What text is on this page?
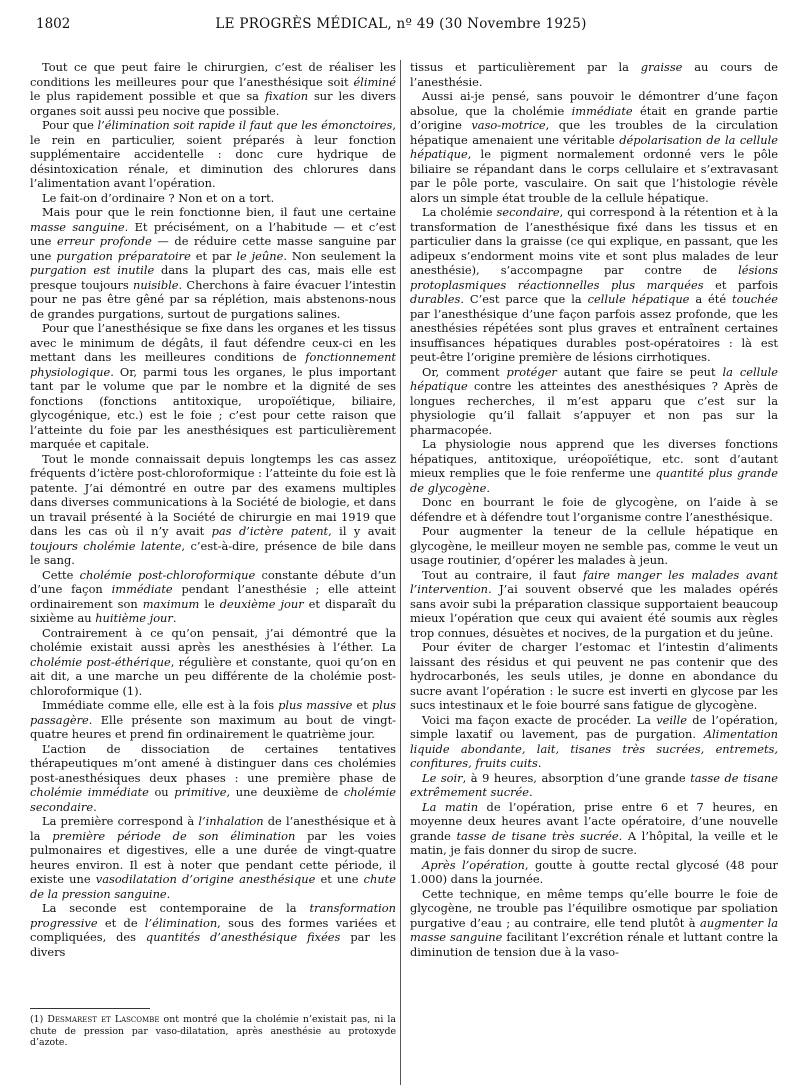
1802	LE PROGRÈS MÉDICAL, nº 49 (30 Novembre 1925)

Tout ce que peut faire le chirurgien, c’est de réaliser les conditions les meilleures pour que l’anesthésique soit éliminé le plus rapidement possible et que sa fixation sur les divers organes soit aussi peu nocive que possible.

Pour que l’élimination soit rapide il faut que les émonctoires, le rein en particulier, soient préparés à leur fonction supplémentaire accidentelle : donc cure hydrique de désintoxication rénale, et diminution des chlorures dans l’alimentation avant l’opération.

Le fait-on d’ordinaire ? Non et on a tort.

Mais pour que le rein fonctionne bien, il faut une certaine masse sanguine. Et précisément, on a l’habitude — et c’est une erreur profonde — de réduire cette masse sanguine par une purgation préparatoire et par le jeûne. Non seulement la purgation est inutile dans la plupart des cas, mais elle est presque toujours nuisible. Cherchons à faire évacuer l’intestin pour ne pas être gêné par sa réplétion, mais abstenons-nous de grandes purgations, surtout de purgations salines.

Pour que l’anesthésique se fixe dans les organes et les tissus avec le minimum de dégâts, il faut défendre ceux-ci en les mettant dans les meilleures conditions de fonctionnement physiologique. Or, parmi tous les organes, le plus important tant par le volume que par le nombre et la dignité de ses fonctions (fonctions antitoxique, uropoïétique, biliaire, glycogénique, etc.) est le foie ; c’est pour cette raison que l’atteinte du foie par les anesthésiques est particulièrement marquée et capitale.

Tout le monde connaissait depuis longtemps les cas assez fréquents d’ictère post-chloroformique : l’atteinte du foie est là patente. J’ai démontré en outre par des examens multiples dans diverses communications à la Société de biologie, et dans un travail présenté à la Société de chirurgie en mai 1919 que dans les cas où il n’y avait pas d’ictère patent, il y avait toujours cholémie latente, c’est-à-dire, présence de bile dans le sang.

Cette cholémie post-chloroformique constante débute d’un d’une façon immédiate pendant l’anesthésie ; elle atteint ordinairement son maximum le deuxième jour et disparaît du sixième au huitième jour.

Contrairement à ce qu’on pensait, j’ai démontré que la cholémie existait aussi après les anesthésies à l’éther. La cholémie post-éthérique, régulière et constante, quoi qu’on en ait dit, a une marche un peu différente de la cholémie post-chloroformique (1).

Immédiate comme elle, elle est à la fois plus massive et plus passagère. Elle présente son maximum au bout de vingt-quatre heures et prend fin ordinairement le quatrième jour.

L’action de dissociation de certaines tentatives thérapeutiques m’ont amené à distinguer dans ces cholémies post-anesthésiques deux phases : une première phase de cholémie immédiate ou primitive, une deuxième de cholémie secondaire.

La première correspond à l’inhalation de l’anesthésique et à la première période de son élimination par les voies pulmonaires et digestives, elle a une durée de vingt-quatre heures environ. Il est à noter que pendant cette période, il existe une vasodilatation d’origine anesthésique et une chute de la pression sanguine.

La seconde est contemporaine de la transformation progressive et de l’élimination, sous des formes variées et compliquées, des quantités d’anesthésique fixées par les divers

tissus et particulièrement par la graisse au cours de l’anesthésie.

Aussi ai-je pensé, sans pouvoir le démontrer d’une façon absolue, que la cholémie immédiate était en grande partie d’origine vaso-motrice, que les troubles de la circulation hépatique amenaient une véritable dépolarisation de la cellule hépatique, le pigment normalement ordonné vers le pôle biliaire se répandant dans le corps cellulaire et s’extravasant par le pôle porte, vasculaire. On sait que l’histologie révèle alors un simple état trouble de la cellule hépatique.

La cholémie secondaire, qui correspond à la rétention et à la transformation de l’anesthésique fixé dans les tissus et en particulier dans la graisse (ce qui explique, en passant, que les adipeux s’endorment moins vite et sont plus malades de leur anesthésie), s’accompagne par contre de lésions protoplasmiques réactionnelles plus marquées et parfois durables. C’est parce que la cellule hépatique a été touchée par l’anesthésique d’une façon parfois assez profonde, que les anesthésies répétées sont plus graves et entraînent certaines insuffisances hépatiques durables post-opératoires : là est peut-être l’origine première de lésions cirrhotiques.

Or, comment protéger autant que faire se peut la cellule hépatique contre les atteintes des anesthésiques ? Après de longues recherches, il m’est apparu que c’est sur la physiologie qu’il fallait s’appuyer et non pas sur la pharmacopée.

La physiologie nous apprend que les diverses fonctions hépatiques, antitoxique, uréopoïétique, etc. sont d’autant mieux remplies que le foie renferme une quantité plus grande de glycogène.

Donc en bourrant le foie de glycogène, on l’aide à se défendre et à défendre tout l’organisme contre l’anesthésique.

Pour augmenter la teneur de la cellule hépatique en glycogène, le meilleur moyen ne semble pas, comme le veut un usage routinier, d’opérer les malades à jeun.

Tout au contraire, il faut faire manger les malades avant l’intervention. J’ai souvent observé que les malades opérés sans avoir subi la préparation classique supportaient beaucoup mieux l’opération que ceux qui avaient été soumis aux règles trop connues, désuètes et nocives, de la purgation et du jeûne.

Pour éviter de charger l’estomac et l’intestin d’aliments laissant des résidus et qui peuvent ne pas contenir que des hydrocarbonés, les seuls utiles, je donne en abondance du sucre avant l’opération : le sucre est inverti en glycose par les sucs intestinaux et le foie bourré sans fatigue de glycogène.

Voici ma façon exacte de procéder. La veille de l’opération, simple laxatif ou lavement, pas de purgation. Alimentation liquide abondante, lait, tisanes très sucrées, entremets, confitures, fruits cuits.

Le soir, à 9 heures, absorption d’une grande tasse de tisane extrêmement sucrée.

La matin de l’opération, prise entre 6 et 7 heures, en moyenne deux heures avant l’acte opératoire, d’une nouvelle grande tasse de tisane très sucrée. A l’hôpital, la veille et le matin, je fais donner du sirop de sucre.

Après l’opération, goutte à goutte rectal glycosé (48 pour 1.000) dans la journée.

Cette technique, en même temps qu’elle bourre le foie de glycogène, ne trouble pas l’équilibre osmotique par spoliation purgative d’eau ; au contraire, elle tend plutôt à augmenter la masse sanguine facilitant l’excrétion rénale et luttant contre la diminution de tension due à la vaso-

(1) Desmarest et Lascombe ont montré que la cholémie n’existait pas, ni la chute de pression par vaso-dilatation, après anesthésie au protoxyde d’azote.
